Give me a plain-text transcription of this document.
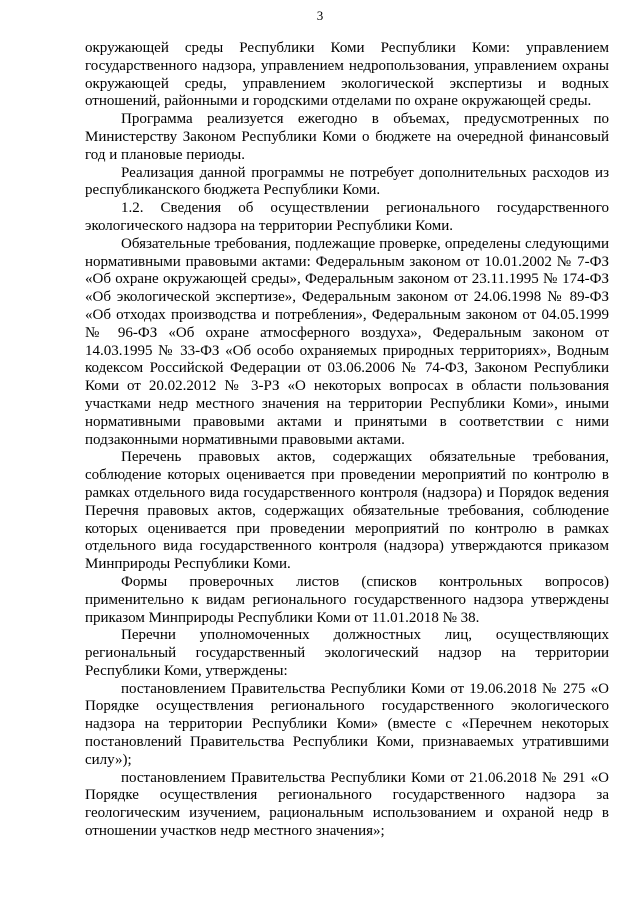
3

окружающей среды Республики Коми Республики Коми: управлением государственного надзора, управлением недропользования, управлением охраны окружающей среды, управлением экологической экспертизы и водных отношений, районными и городскими отделами по охране окружающей среды.

Программа реализуется ежегодно в объемах, предусмотренных по Министерству Законом Республики Коми о бюджете на очередной финансовый год и плановые периоды.

Реализация данной программы не потребует дополнительных расходов из республиканского бюджета Республики Коми.

1.2. Сведения об осуществлении регионального государственного экологического надзора на территории Республики Коми.

Обязательные требования, подлежащие проверке, определены следующими нормативными правовыми актами: Федеральным законом от 10.01.2002 № 7-ФЗ «Об охране окружающей среды», Федеральным законом от 23.11.1995 № 174-ФЗ «Об экологической экспертизе», Федеральным законом от 24.06.1998 № 89-ФЗ «Об отходах производства и потребления», Федеральным законом от 04.05.1999 № 96-ФЗ «Об охране атмосферного воздуха», Федеральным законом от 14.03.1995 № 33-ФЗ «Об особо охраняемых природных территориях», Водным кодексом Российской Федерации от 03.06.2006 № 74-ФЗ, Законом Республики Коми от 20.02.2012 № 3-РЗ «О некоторых вопросах в области пользования участками недр местного значения на территории Республики Коми», иными нормативными правовыми актами и принятыми в соответствии с ними подзаконными нормативными правовыми актами.

Перечень правовых актов, содержащих обязательные требования, соблюдение которых оценивается при проведении мероприятий по контролю в рамках отдельного вида государственного контроля (надзора) и Порядок ведения Перечня правовых актов, содержащих обязательные требования, соблюдение которых оценивается при проведении мероприятий по контролю в рамках отдельного вида государственного контроля (надзора) утверждаются приказом Минприроды Республики Коми.

Формы проверочных листов (списков контрольных вопросов) применительно к видам регионального государственного надзора утверждены приказом Минприроды Республики Коми от 11.01.2018 № 38.

Перечни уполномоченных должностных лиц, осуществляющих региональный государственный экологический надзор на территории Республики Коми, утверждены:

постановлением Правительства Республики Коми от 19.06.2018 № 275 «О Порядке осуществления регионального государственного экологического надзора на территории Республики Коми» (вместе с «Перечнем некоторых постановлений Правительства Республики Коми, признаваемых утратившими силу»);

постановлением Правительства Республики Коми от 21.06.2018 № 291 «О Порядке осуществления регионального государственного надзора за геологическим изучением, рациональным использованием и охраной недр в отношении участков недр местного значения»;
